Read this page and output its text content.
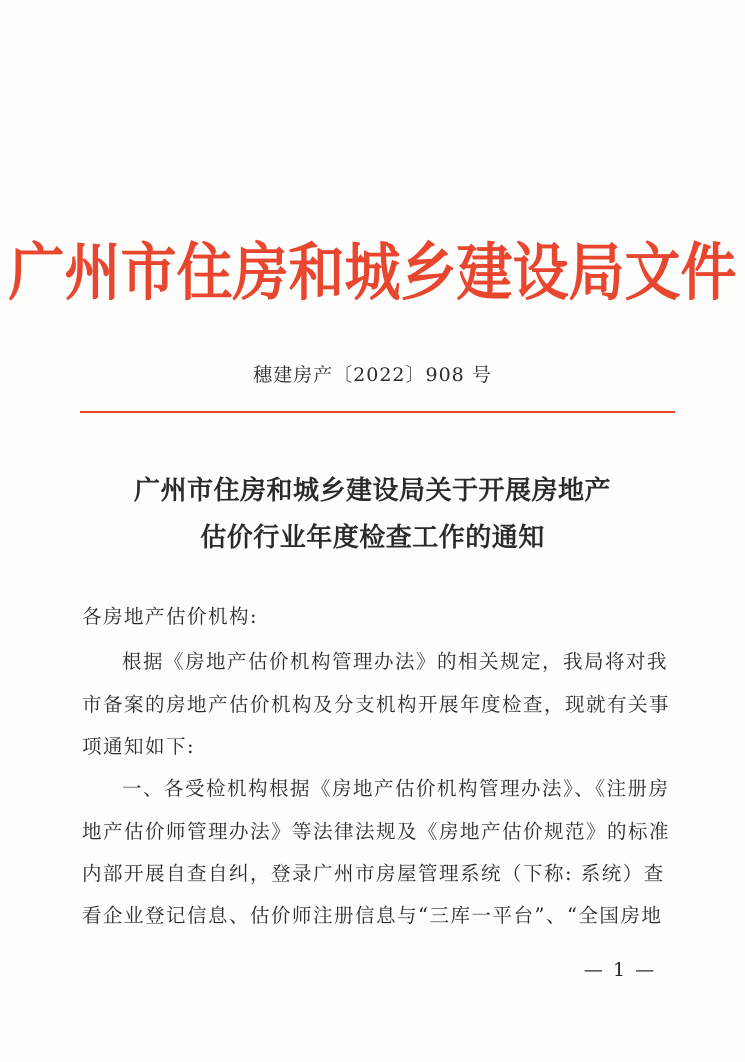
广州市住房和城乡建设局文件
穗建房产〔2022〕908 号
广州市住房和城乡建设局关于开展房地产
估价行业年度检查工作的通知
各房地产估价机构:
根据《房地产估价机构管理办法》的相关规定，我局将对我
市备案的房地产估价机构及分支机构开展年度检查，现就有关事
项通知如下:
一、各受检机构根据《房地产估价机构管理办法》、《注册房
地产估价师管理办法》等法律法规及《房地产估价规范》的标准
内部开展自查自纠，登录广州市房屋管理系统（下称: 系统）查
看企业登记信息、估价师注册信息与“三库一平台”、“全国房地
— 1 —
